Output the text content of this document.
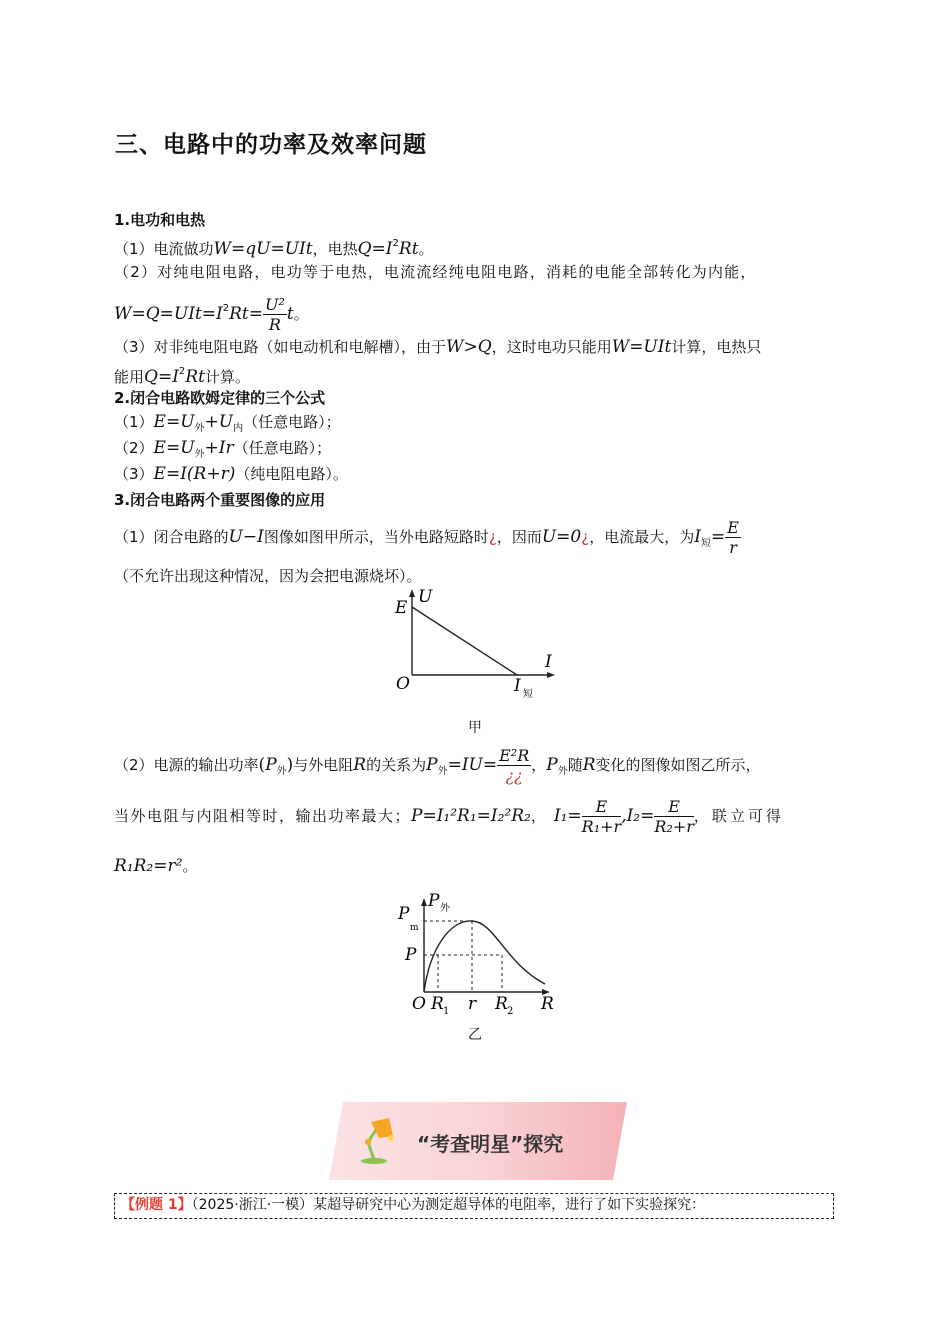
三、电路中的功率及效率问题
1.电功和电热
（1）电流做功W=qU=UIt，电热$Q=I^2Rt$。
（2）对纯电阻电路，电功等于电热，电流流经纯电阻电路，消耗的电能全部转化为内能，
$W=Q=UIt=I^2Rt= \frac{\text{U²}}{R}$ t。
（3）对非纯电阻电路（如电动机和电解槽），由于W>Q，这时电功只能用W=UIt计算，电热只
能用$Q=I^2Rt$计算。
2.闭合电路欧姆定律的三个公式
$(1)E=U_外+U_内$（任意电路）；
$(2)E=U_外+Ir$（任意电路）；
（3）E=I(R+r)（纯电阻电路）。
3.闭合电路两个重要图像的应用
（1）闭合电路的U−I图像如图甲所示，当外电路短路时¿，因而U=0¿，电流最大，为$I_短= \frac{E}{r}$
（不允许出现这种情况，因为会把电源烧坏）。
E
U
O
I
I 短
甲
（2）电源的输出功率$(P_外)$与外电阻R的关系为$P_外=IU= \frac{\text{E²R}}{¿¿}$ ，$P_外$随R变化的图像如图乙所示，
当外电阻与内阻相等时，输出功率最大；P=I₁²R₁=I₂²R₂， $I_1= \frac{E}{\text{R₁+r}} ,I_2= \frac{E}{\text{R₂+r}}$ ，联立可得
R₁R₂=r²。
P 外
P
m
P
O R 1 r R 2 R
乙
“考查明星”探究
【例题 1】（2025·浙江·一模）某超导研究中心为测定超导体的电阻率，进行了如下实验探究：
